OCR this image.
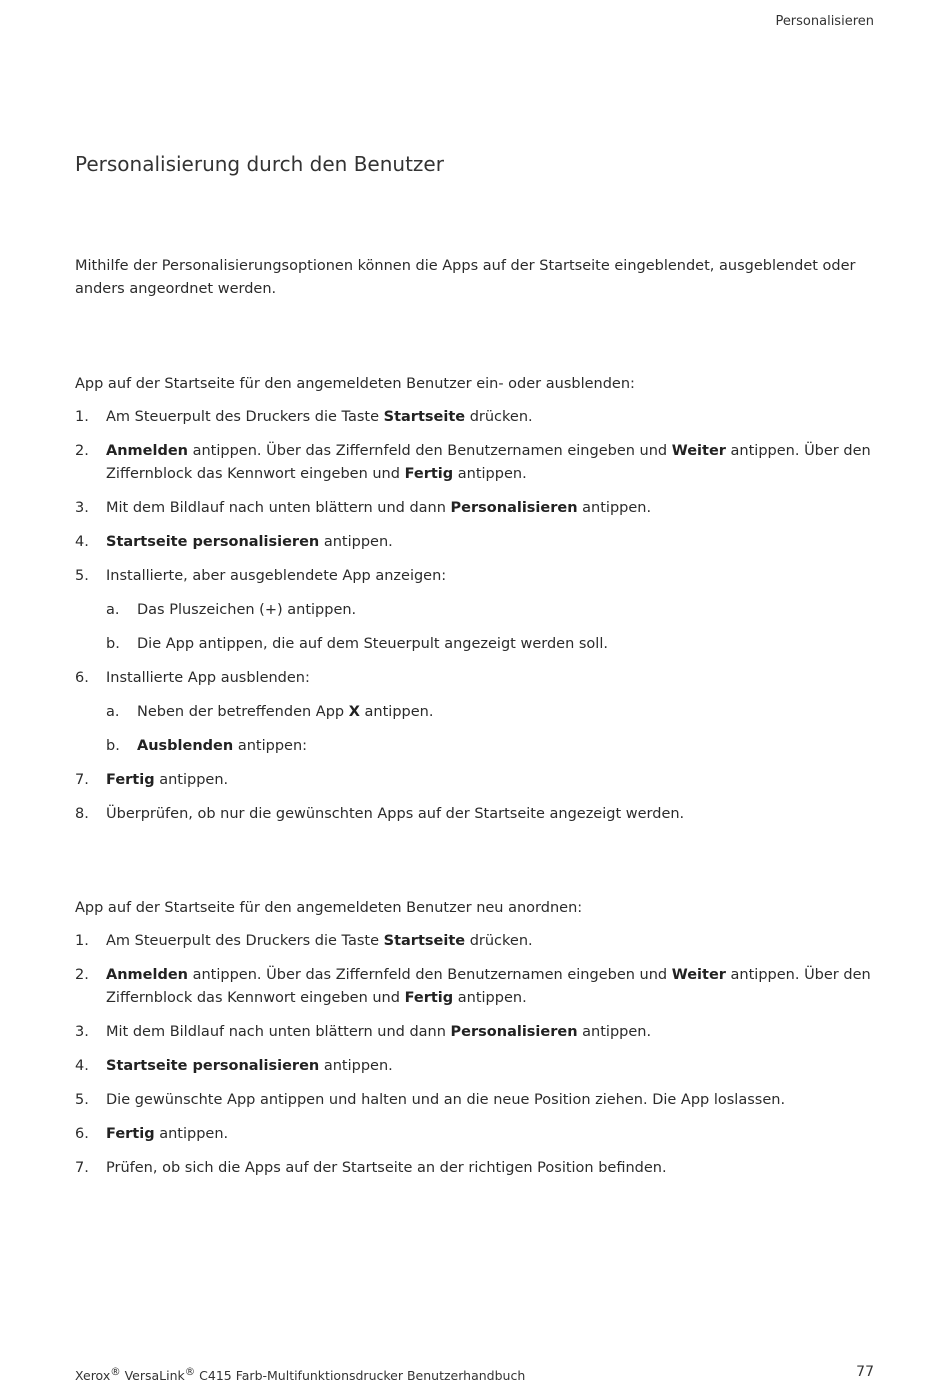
Personalisieren
Personalisierung durch den Benutzer

Mithilfe der Personalisierungsoptionen können die Apps auf der Startseite eingeblendet, ausgeblendet oder anders angeordnet werden.

App auf der Startseite für den angemeldeten Benutzer ein- oder ausblenden:

1. Am Steuerpult des Druckers die Taste Startseite drücken.
2. Anmelden antippen. Über das Ziffernfeld den Benutzernamen eingeben und Weiter antippen. Über den Ziffernblock das Kennwort eingeben und Fertig antippen.
3. Mit dem Bildlauf nach unten blättern und dann Personalisieren antippen.
4. Startseite personalisieren antippen.
5. Installierte, aber ausgeblendete App anzeigen:
a. Das Pluszeichen (+) antippen.
b. Die App antippen, die auf dem Steuerpult angezeigt werden soll.
6. Installierte App ausblenden:
a. Neben der betreffenden App X antippen.
b. Ausblenden antippen:
7. Fertig antippen.
8. Überprüfen, ob nur die gewünschten Apps auf der Startseite angezeigt werden.

App auf der Startseite für den angemeldeten Benutzer neu anordnen:

1. Am Steuerpult des Druckers die Taste Startseite drücken.
2. Anmelden antippen. Über das Ziffernfeld den Benutzernamen eingeben und Weiter antippen. Über den Ziffernblock das Kennwort eingeben und Fertig antippen.
3. Mit dem Bildlauf nach unten blättern und dann Personalisieren antippen.
4. Startseite personalisieren antippen.
5. Die gewünschte App antippen und halten und an die neue Position ziehen. Die App loslassen.
6. Fertig antippen.
7. Prüfen, ob sich die Apps auf der Startseite an der richtigen Position befinden.
Xerox® VersaLink® C415 Farb-Multifunktionsdrucker Benutzerhandbuch	77
